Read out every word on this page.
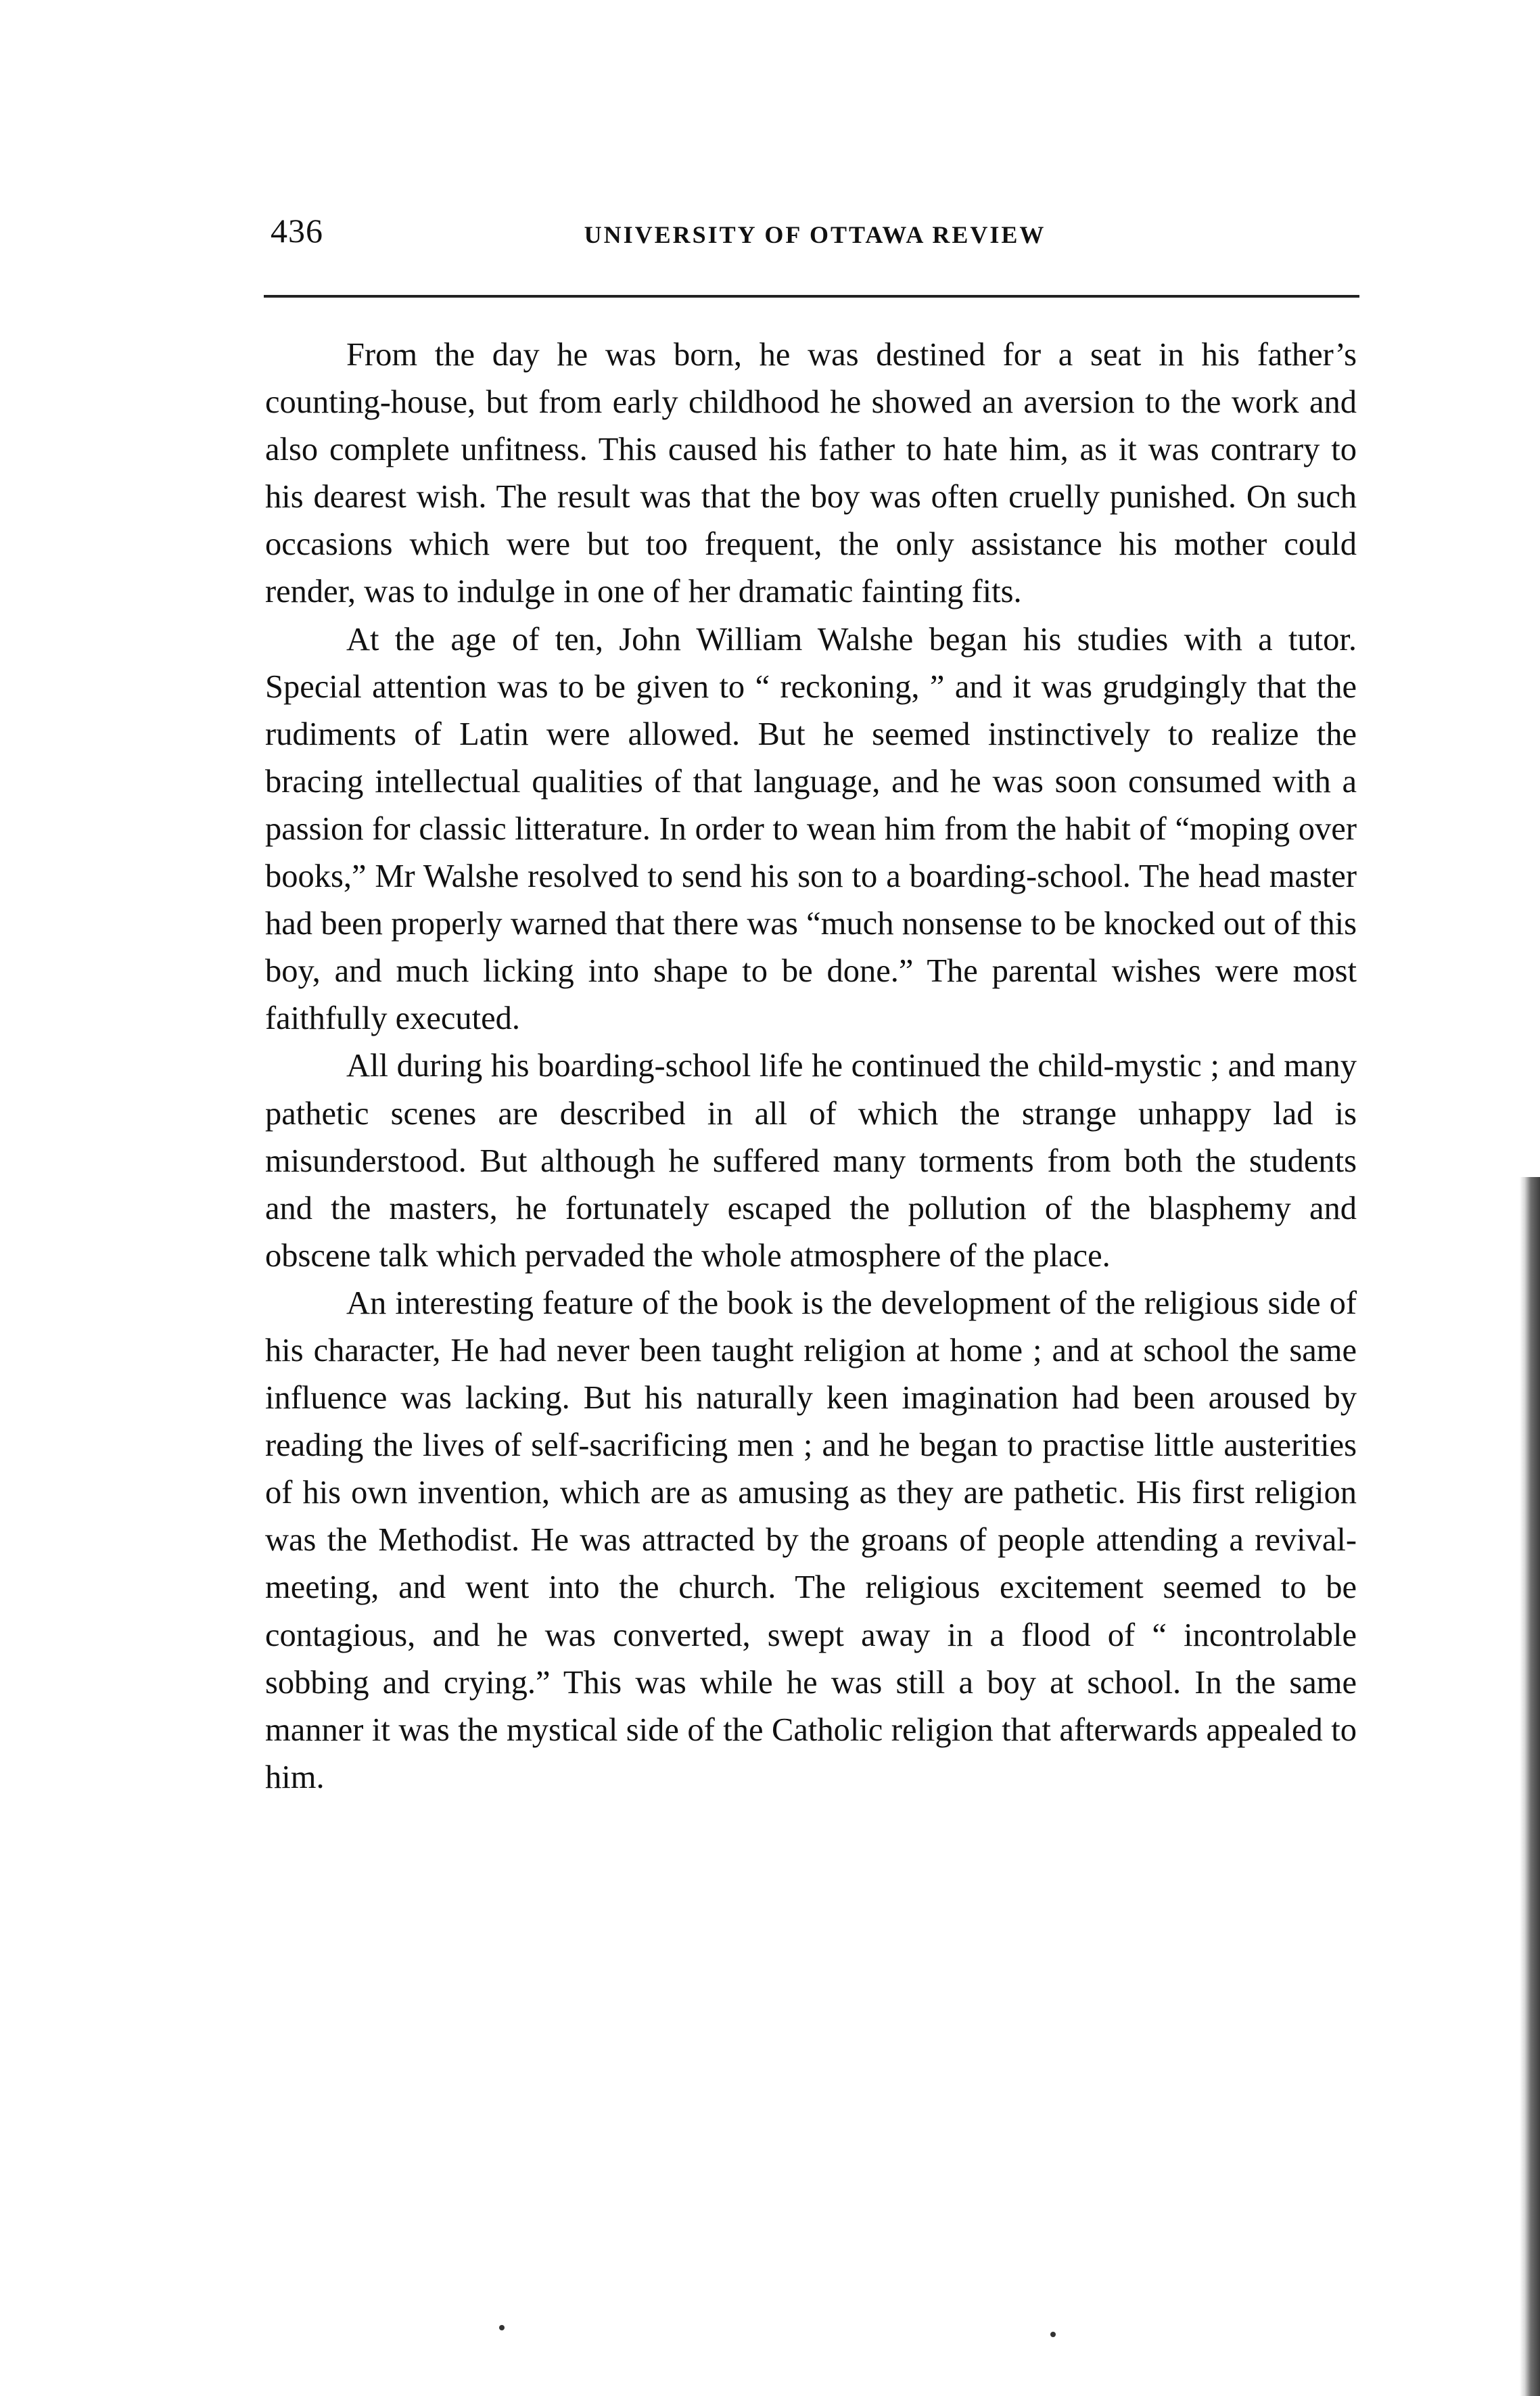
436	UNIVERSITY OF OTTAWA REVIEW

From the day he was born, he was destined for a seat in his father’s counting-house, but from early childhood he showed an aversion to the work and also complete unfitness. This caused his father to hate him, as it was contrary to his dearest wish. The result was that the boy was often cruelly punished. On such occasions which were but too frequent, the only assistance his mother could render, was to indulge in one of her dramatic fainting fits.

At the age of ten, John William Walshe began his studies with a tutor. Special attention was to be given to “ reckoning, ” and it was grudgingly that the rudiments of Latin were allowed. But he seemed instinctively to realize the bracing intellectual qualities of that language, and he was soon consumed with a passion for classic litterature. In order to wean him from the habit of “moping over books,” Mr Walshe resolved to send his son to a boarding-school. The head master had been properly warned that there was “much nonsense to be knocked out of this boy, and much licking into shape to be done.” The parental wishes were most faithfully executed.

All during his boarding-school life he continued the child-mystic ; and many pathetic scenes are described in all of which the strange unhappy lad is misunderstood. But although he suffered many torments from both the students and the masters, he fortunately escaped the pollution of the blasphemy and obscene talk which pervaded the whole atmosphere of the place.

An interesting feature of the book is the development of the religious side of his character, He had never been taught religion at home ; and at school the same influence was lacking. But his naturally keen imagination had been aroused by reading the lives of self-sacrificing men ; and he began to practise little austerities of his own invention, which are as amusing as they are pathetic. His first religion was the Methodist. He was attracted by the groans of people attending a revival-meeting, and went into the church. The religious excitement seemed to be contagious, and he was converted, swept away in a flood of “ incontrolable sobbing and crying.” This was while he was still a boy at school. In the same manner it was the mystical side of the Catholic religion that afterwards appealed to him.
